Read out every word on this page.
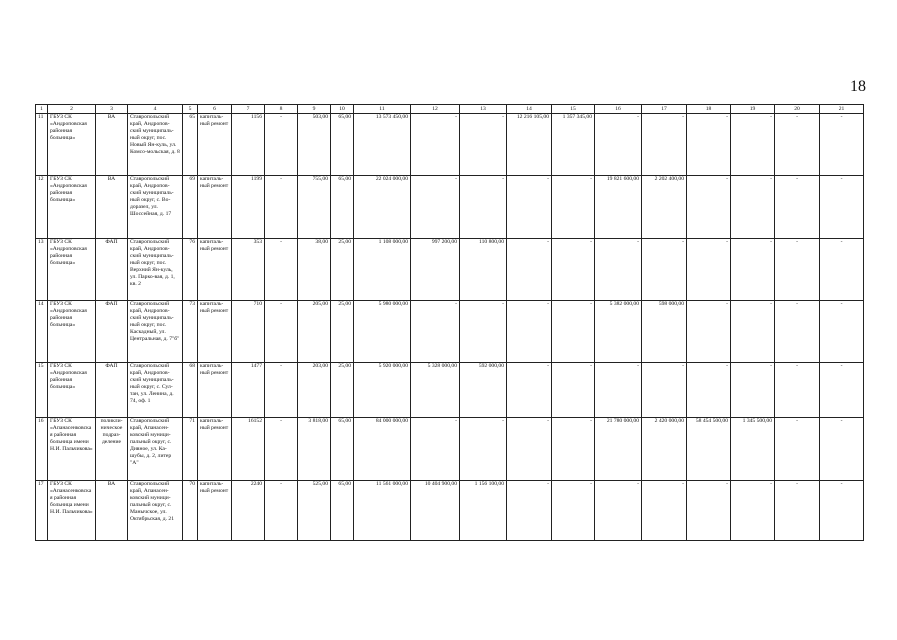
18
1	2	3	4	5	6	7	8	9	10	11	12	13	14	15	16	17	18	19	20	21
11	ГБУЗ СК «Андроповская районная больница»	ВА	Ставропольский край, Андропов-ский муниципаль-ный округ, пос. Новый Ян-куль, ул. Комсо-мольская, д. 8	65	капиталь-ный ремонт	1156	-	503,00	65,00	13 573 450,00	-	-	12 216 105,00	1 357 345,00	-	-	-	-	-	-
12	ГБУЗ СК «Андроповская районная больница»	ВА	Ставропольский край, Андропов-ский муниципаль-ный округ, с. Во-доразел, ул. Шоссейная, д. 17	69	капиталь-ный ремонт	1199	-	755,00	65,00	22 024 000,00	-	-	-	-	19 821 600,00	2 202 400,00	-	-	-	-
13	ГБУЗ СК «Андроповская районная больница»	ФАП	Ставропольский край, Андропов-ский муниципаль-ный округ, пос. Верхний Ян-куль, ул. Парко-вая, д. 1, кв. 2	76	капиталь-ный ремонт	353	-	38,00	25,00	1 108 000,00	997 200,00	110 800,00	-	-	-	-	-	-	-	-
14	ГБУЗ СК «Андроповская районная больница»	ФАП	Ставропольский край, Андропов-ский муниципаль-ный округ, пос. Каскадный, ул. Центральная, д. 7"б"	73	капиталь-ный ремонт	710	-	205,00	25,00	5 980 000,00	-	-	-	-	5 382 000,00	598 000,00	-	-	-	-
15	ГБУЗ СК «Андроповская районная больница»	ФАП	Ставропольский край, Андропов-ский муниципаль-ный округ, с. Сул-тан, ул. Ленина, д. 74, оф. 1	68	капиталь-ный ремонт	1477	-	203,00	25,00	5 920 000,00	5 328 000,00	592 000,00	-	-	-	-	-	-	-	-
16	ГБУЗ СК «Апанасенковская районная больница имени Н.И. Пальчикова»	поликли-ническое подраз-деление	Ставропольский край, Апанасен-ковский муници-пальный округ, с. Дивное, ул. Ка-шубы, д. 2, литер "А"	71	капиталь-ный ремонт	16152	-	3 818,00	65,00	84 000 000,00	-	-	-	-	21 780 000,00	2 420 000,00	58 454 500,00	1 345 500,00	-	-
17	ГБУЗ СК «Апанасенковская районная больница имени Н.И. Пальчикова»	ВА	Ставропольский край, Апанасен-ковский муници-пальный округ, с. Манычское, ул. Октябрьская, д. 21	70	капиталь-ный ремонт	2240	-	525,00	65,00	11 561 000,00	10 404 900,00	1 156 100,00	-	-	-	-	-	-	-	-
